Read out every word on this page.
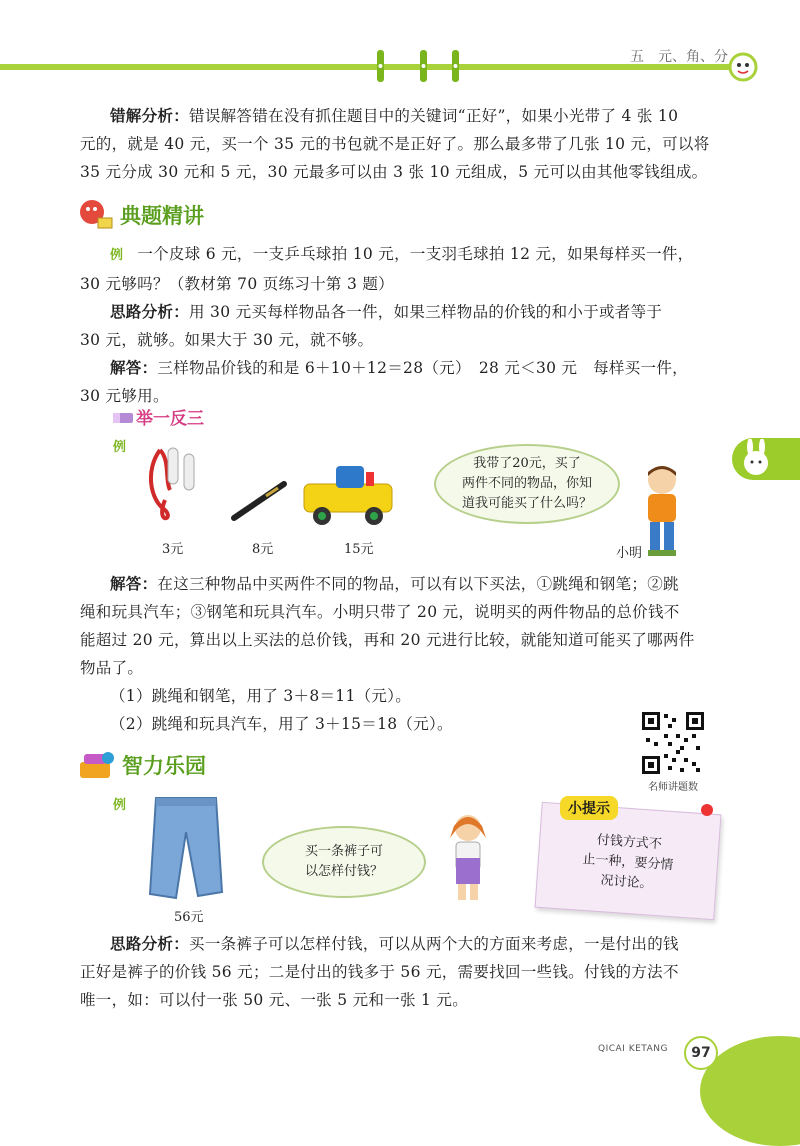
五　元、角、分
错解分析：错误解答错在没有抓住题目中的关键词“正好”，如果小光带了 4 张 10
元的，就是 40 元，买一个 35 元的书包就不是正好了。那么最多带了几张 10 元，可以将
35 元分成 30 元和 5 元，30 元最多可以由 3 张 10 元组成，5 元可以由其他零钱组成。
典题精讲
例 一个皮球 6 元，一支乒乓球拍 10 元，一支羽毛球拍 12 元，如果每样买一件，
30 元够吗？（教材第 70 页练习十第 3 题）
思路分析：用 30 元买每样物品各一件，如果三样物品的价钱的和小于或者等于
30 元，就够。如果大于 30 元，就不够。
解答：三样物品价钱的和是 6＋10＋12＝28（元）　28 元＜30 元　每样买一件，
30 元够用。
举一反三
例
3元	8元	15元
我带了20元，买了
两件不同的物品，你知
道我可能买了什么吗？
小明
解答：在这三种物品中买两件不同的物品，可以有以下买法，①跳绳和钢笔；②跳
绳和玩具汽车；③钢笔和玩具汽车。小明只带了 20 元，说明买的两件物品的总价钱不
能超过 20 元，算出以上买法的总价钱，再和 20 元进行比较，就能知道可能买了哪两件
物品了。
（1）跳绳和钢笔，用了 3＋8＝11（元）。
（2）跳绳和玩具汽车，用了 3＋15＝18（元）。
名师讲题数
智力乐园
例
56元
买一条裤子可
以怎样付钱？
付钱方式不
止一种，要分情
况讨论。
小提示
思路分析：买一条裤子可以怎样付钱，可以从两个大的方面来考虑，一是付出的钱
正好是裤子的价钱 56 元；二是付出的钱多于 56 元，需要找回一些钱。付钱的方法不
唯一，如：可以付一张 50 元、一张 5 元和一张 1 元。
QICAI KETANG	97
